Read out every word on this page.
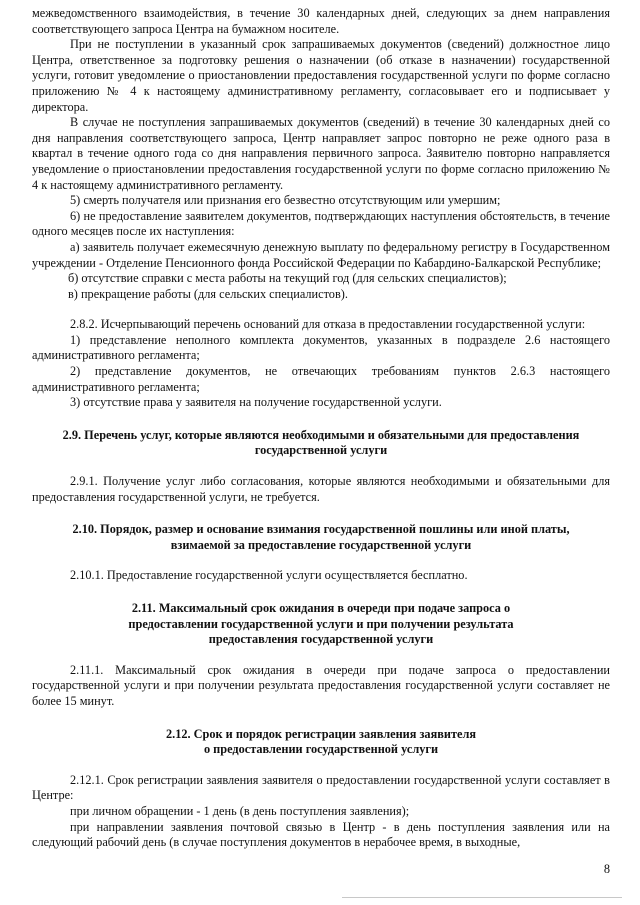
межведомственного взаимодействия, в течение 30 календарных дней, следующих за днем направления соответствующего запроса Центра на бумажном носителе.

При не поступлении в указанный срок запрашиваемых документов (сведений) должностное лицо Центра, ответственное за подготовку решения о назначении (об отказе в назначении) государственной услуги, готовит уведомление о приостановлении предоставления государственной услуги по форме согласно приложению № 4 к настоящему административному регламенту, согласовывает его и подписывает у директора.

В случае не поступления запрашиваемых документов (сведений) в течение 30 календарных дней со дня направления соответствующего запроса, Центр направляет запрос повторно не реже одного раза в квартал в течение одного года со дня направления первичного запроса. Заявителю повторно направляется уведомление о приостановлении предоставления государственной услуги по форме согласно приложению № 4 к настоящему административного регламенту.

5) смерть получателя или признания его безвестно отсутствующим или умершим;

6) не предоставление заявителем документов, подтверждающих наступления обстоятельств, в течение одного месяцев после их наступления:

а) заявитель получает ежемесячную денежную выплату по федеральному регистру в Государственном учреждении - Отделение Пенсионного фонда Российской Федерации по Кабардино-Балкарской Республике;

б) отсутствие справки с места работы на текущий год (для сельских специалистов);

в) прекращение работы (для сельских специалистов).

2.8.2. Исчерпывающий перечень оснований для отказа в предоставлении государственной услуги:

1) представление неполного комплекта документов, указанных в подразделе 2.6 настоящего административного регламента;

2) представление документов, не отвечающих требованиям пунктов 2.6.3 настоящего административного регламента;

3) отсутствие права у заявителя на получение государственной услуги.

2.9. Перечень услуг, которые являются необходимыми и обязательными для предоставления

государственной услуги

2.9.1. Получение услуг либо согласования, которые являются необходимыми и обязательными для предоставления государственной услуги, не требуется.

2.10. Порядок, размер и основание взимания государственной пошлины или иной платы,

взимаемой за предоставление государственной услуги

2.10.1. Предоставление государственной услуги осуществляется бесплатно.

2.11. Максимальный срок ожидания в очереди при подаче запроса о

предоставлении государственной услуги и при получении результата

предоставления государственной услуги

2.11.1. Максимальный срок ожидания в очереди при подаче запроса о предоставлении государственной услуги и при получении результата предоставления государственной услуги составляет не более 15 минут.

2.12. Срок и порядок регистрации заявления заявителя

о предоставлении государственной услуги

2.12.1. Срок регистрации заявления заявителя о предоставлении государственной услуги составляет в Центре:

при личном обращении - 1 день (в день поступления заявления);

при направлении заявления почтовой связью в Центр - в день поступления заявления или на следующий рабочий день (в случае поступления документов в нерабочее время, в выходные,

8
